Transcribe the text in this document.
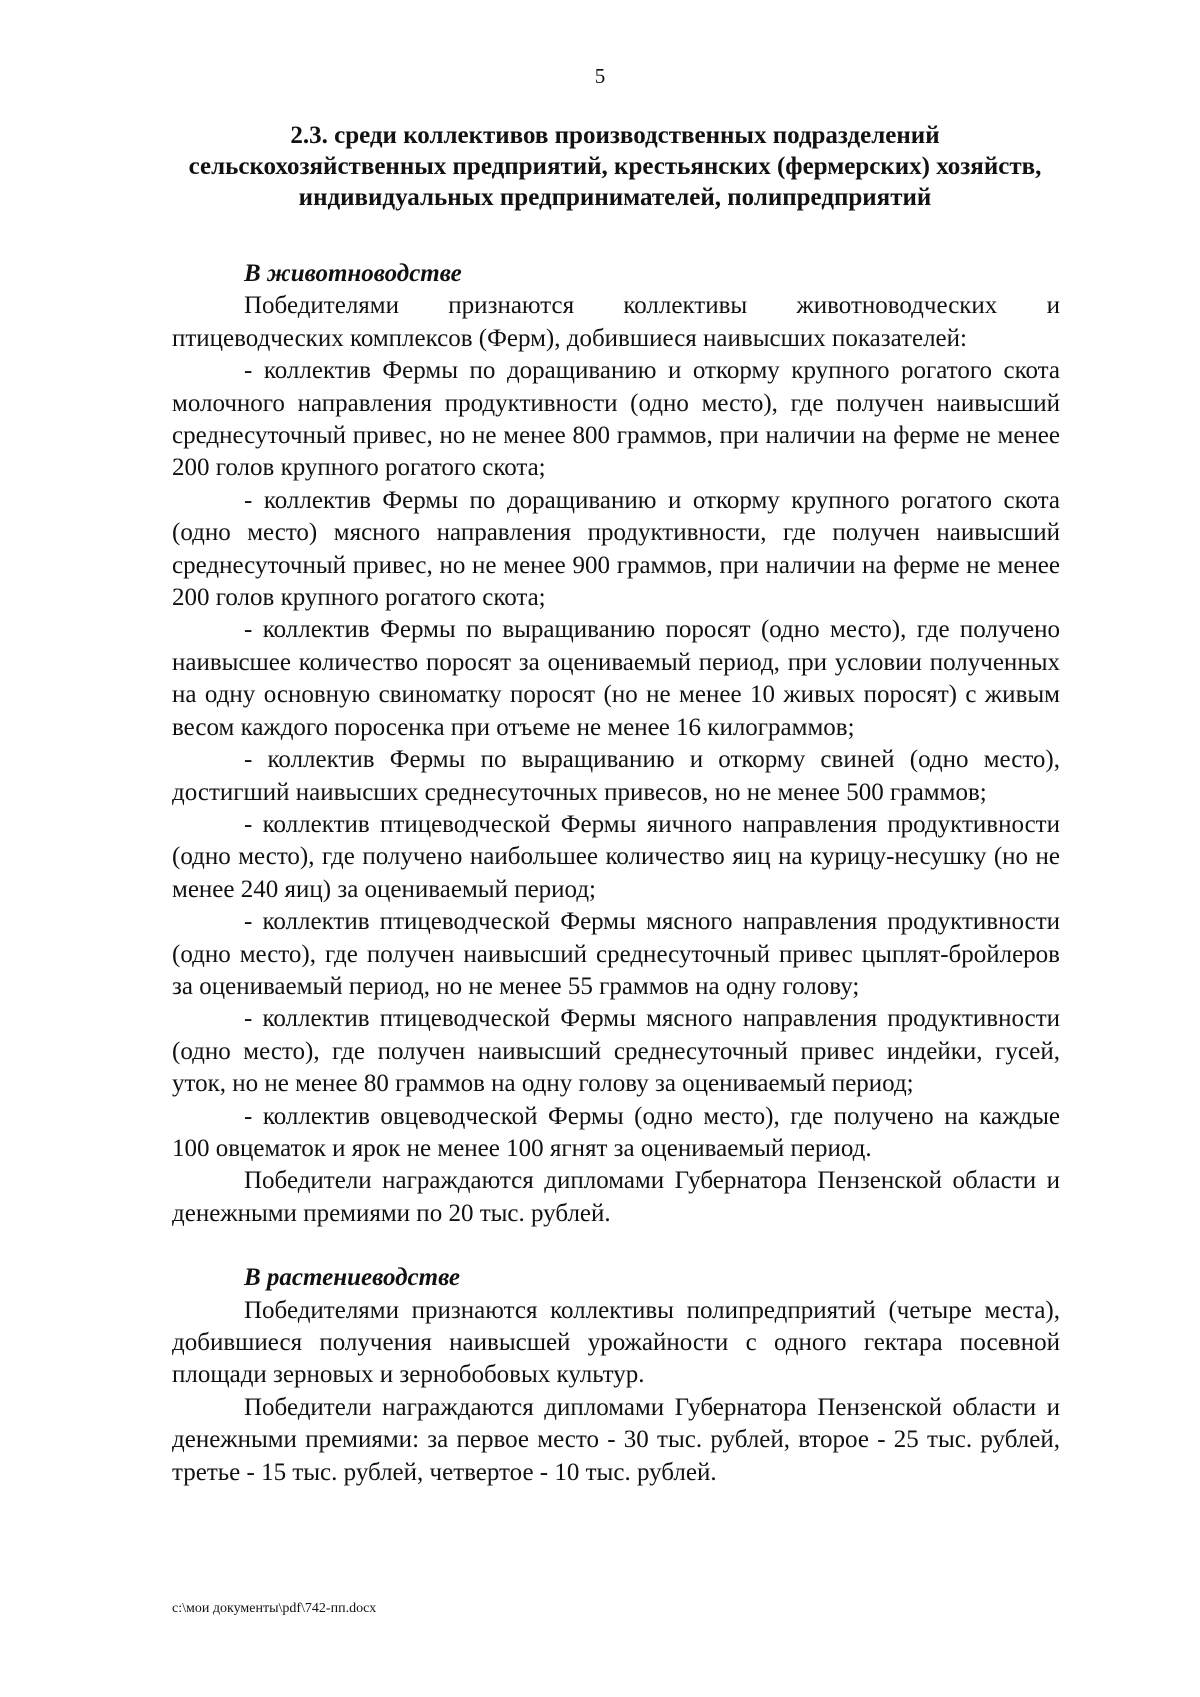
5
2.3. среди коллективов производственных подразделений сельскохозяйственных предприятий, крестьянских (фермерских) хозяйств, индивидуальных предпринимателей, полипредприятий

В животноводстве

Победителями признаются коллективы животноводческих и птицеводческих комплексов (Ферм), добившиеся наивысших показателей:

- коллектив Фермы по доращиванию и откорму крупного рогатого скота молочного направления продуктивности (одно место), где получен наивысший среднесуточный привес, но не менее 800 граммов, при наличии на ферме не менее 200 голов крупного рогатого скота;

- коллектив Фермы по доращиванию и откорму крупного рогатого скота (одно место) мясного направления продуктивности, где получен наивысший среднесуточный привес, но не менее 900 граммов, при наличии на ферме не менее 200 голов крупного рогатого скота;

- коллектив Фермы по выращиванию поросят (одно место), где получено наивысшее количество поросят за оцениваемый период, при условии полученных на одну основную свиноматку поросят (но не менее 10 живых поросят) с живым весом каждого поросенка при отъеме не менее 16 килограммов;

- коллектив Фермы по выращиванию и откорму свиней (одно место), достигший наивысших среднесуточных привесов, но не менее 500 граммов;

- коллектив птицеводческой Фермы яичного направления продуктивности (одно место), где получено наибольшее количество яиц на курицу-несушку (но не менее 240 яиц) за оцениваемый период;

- коллектив птицеводческой Фермы мясного направления продуктивности (одно место), где получен наивысший среднесуточный привес цыплят-бройлеров за оцениваемый период, но не менее 55 граммов на одну голову;

- коллектив птицеводческой Фермы мясного направления продуктивности (одно место), где получен наивысший среднесуточный привес индейки, гусей, уток, но не менее 80 граммов на одну голову за оцениваемый период;

- коллектив овцеводческой Фермы (одно место), где получено на каждые 100 овцематок и ярок не менее 100 ягнят за оцениваемый период.

Победители награждаются дипломами Губернатора Пензенской области и денежными премиями по 20 тыс. рублей.

В растениеводстве

Победителями признаются коллективы полипредприятий (четыре места), добившиеся получения наивысшей урожайности с одного гектара посевной площади зерновых и зернобобовых культур.

Победители награждаются дипломами Губернатора Пензенской области и денежными премиями: за первое место - 30 тыс. рублей, второе - 25 тыс. рублей, третье - 15 тыс. рублей, четвертое - 10 тыс. рублей.

c:\мои документы\pdf\742-пп.docx
